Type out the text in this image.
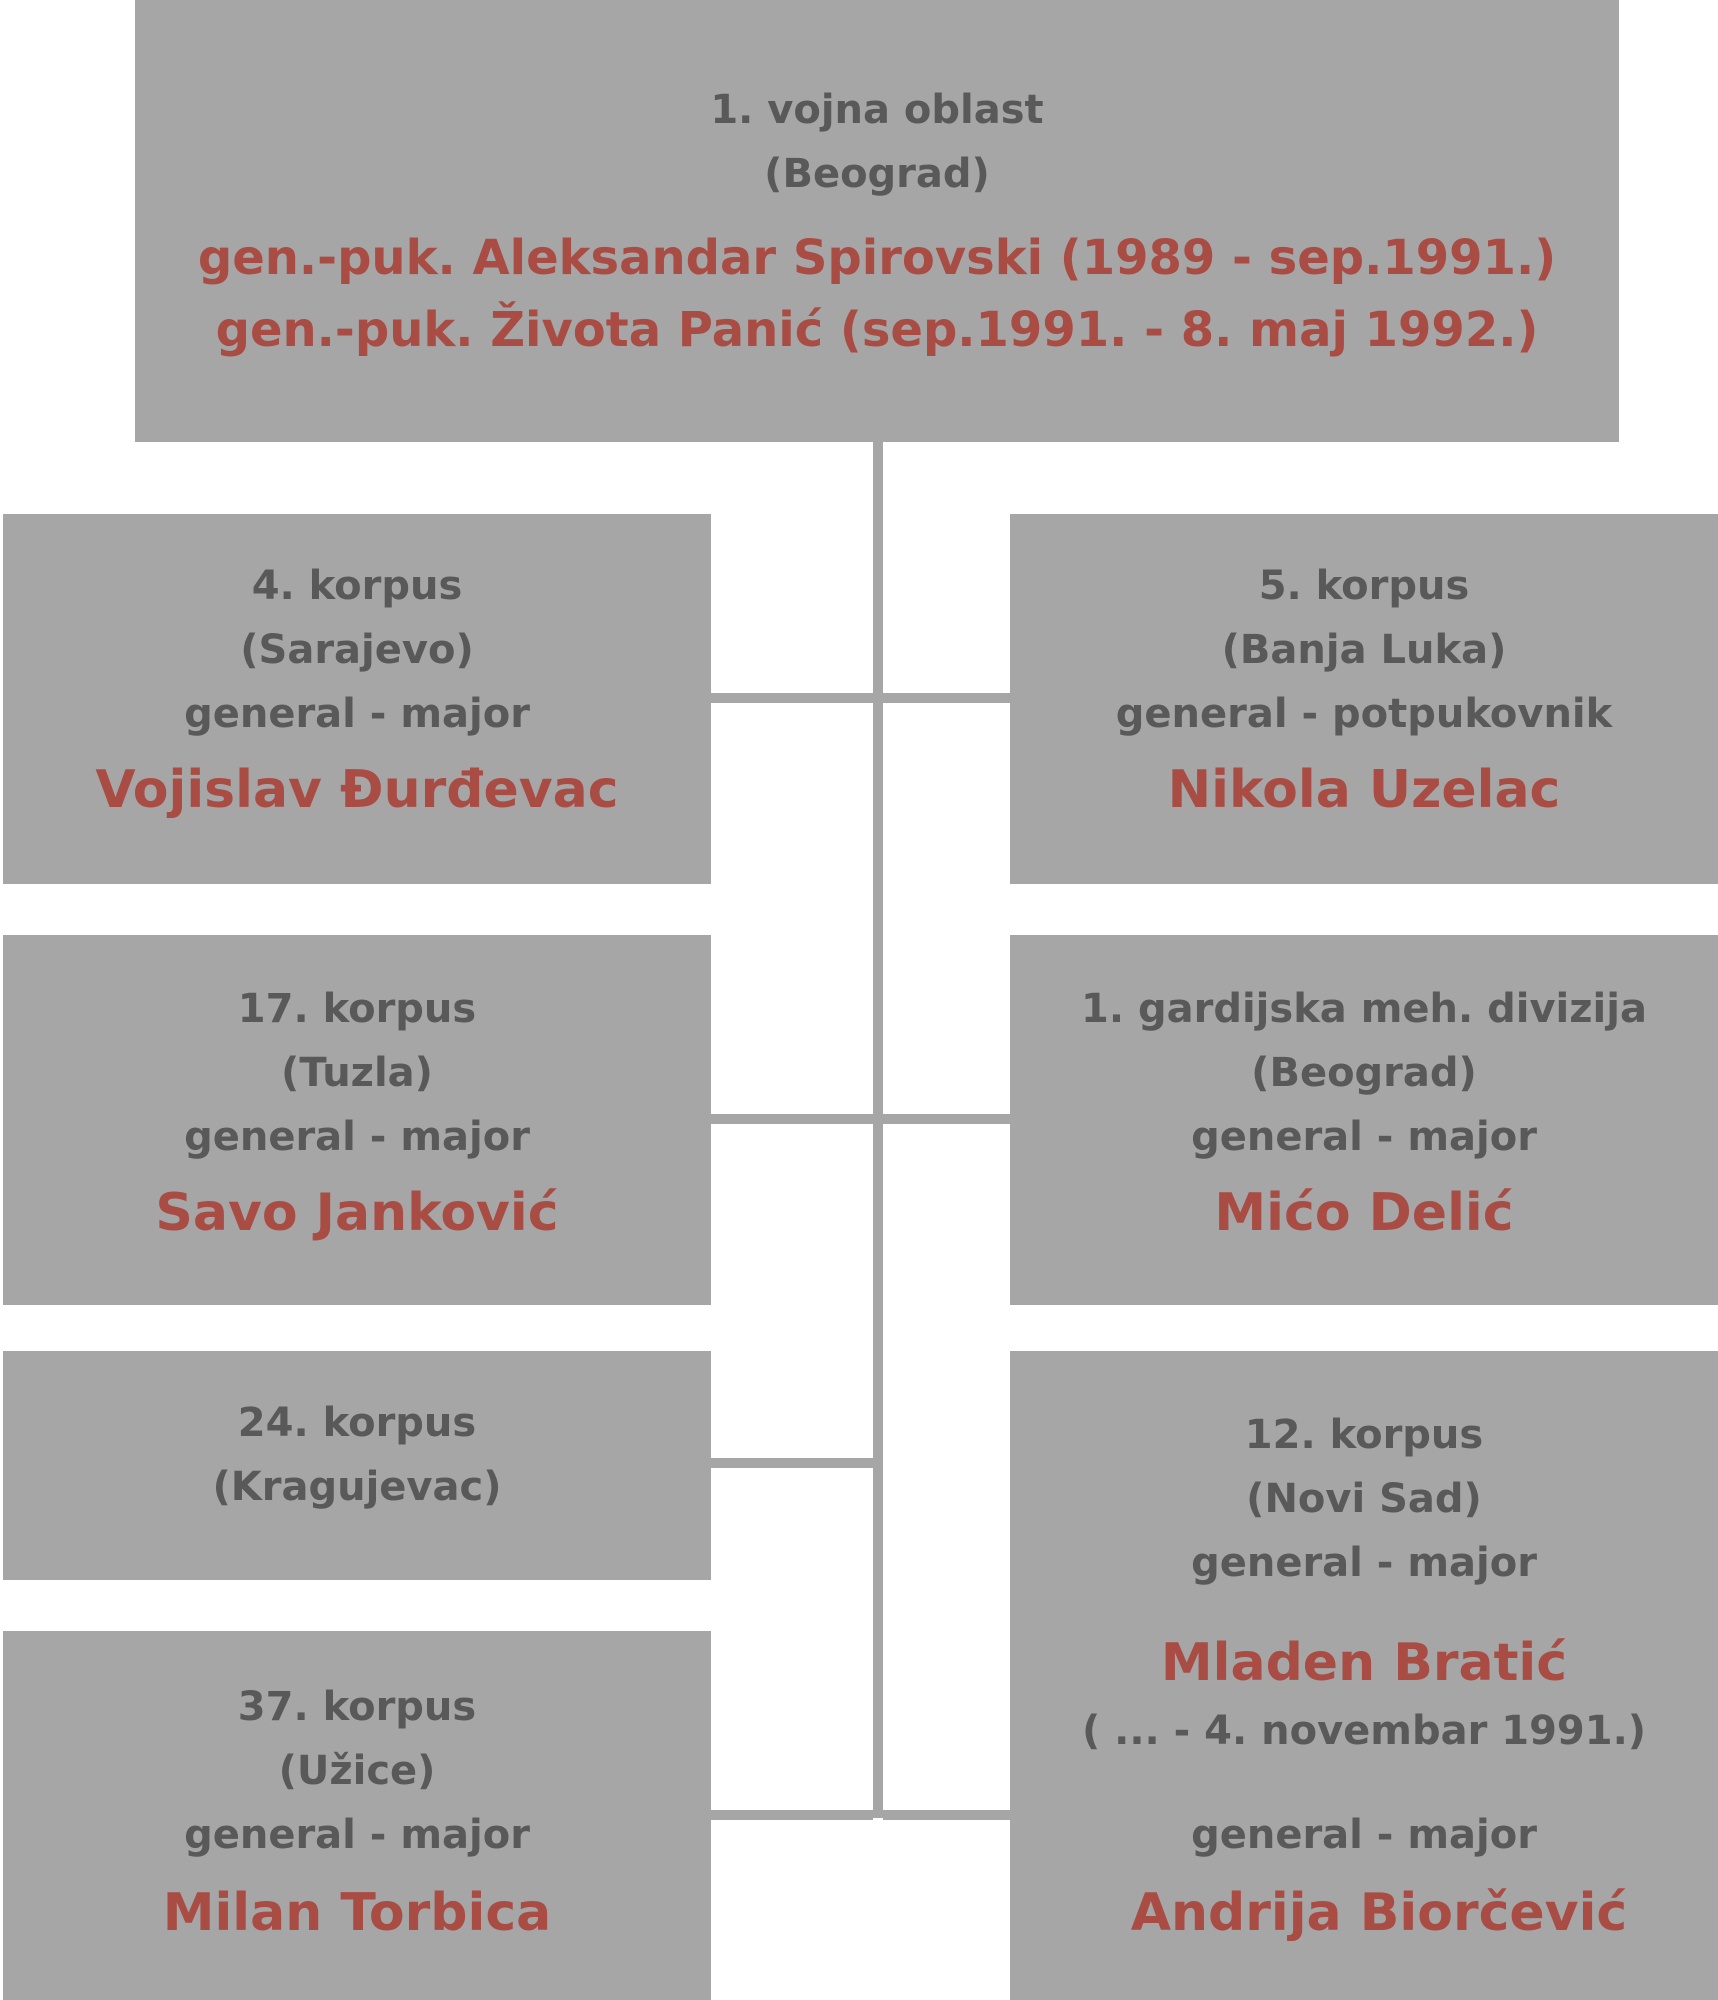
1. vojna oblast
(Beograd)
gen.-puk. Aleksandar Spirovski (1989 - sep.1991.)
gen.-puk. Života Panić (sep.1991. - 8. maj 1992.)
4. korpus
(Sarajevo)
general - major
Vojislav Đurđevac
5. korpus
(Banja Luka)
general - potpukovnik
Nikola Uzelac
17. korpus
(Tuzla)
general - major
Savo Janković
1. gardijska meh. divizija
(Beograd)
general - major
Mićo Delić
24. korpus
(Kragujevac)
37. korpus
(Užice)
general - major
Milan Torbica
12. korpus
(Novi Sad)
general - major
Mladen Bratić
( ... - 4. novembar 1991.)
general - major
Andrija Biorčević
